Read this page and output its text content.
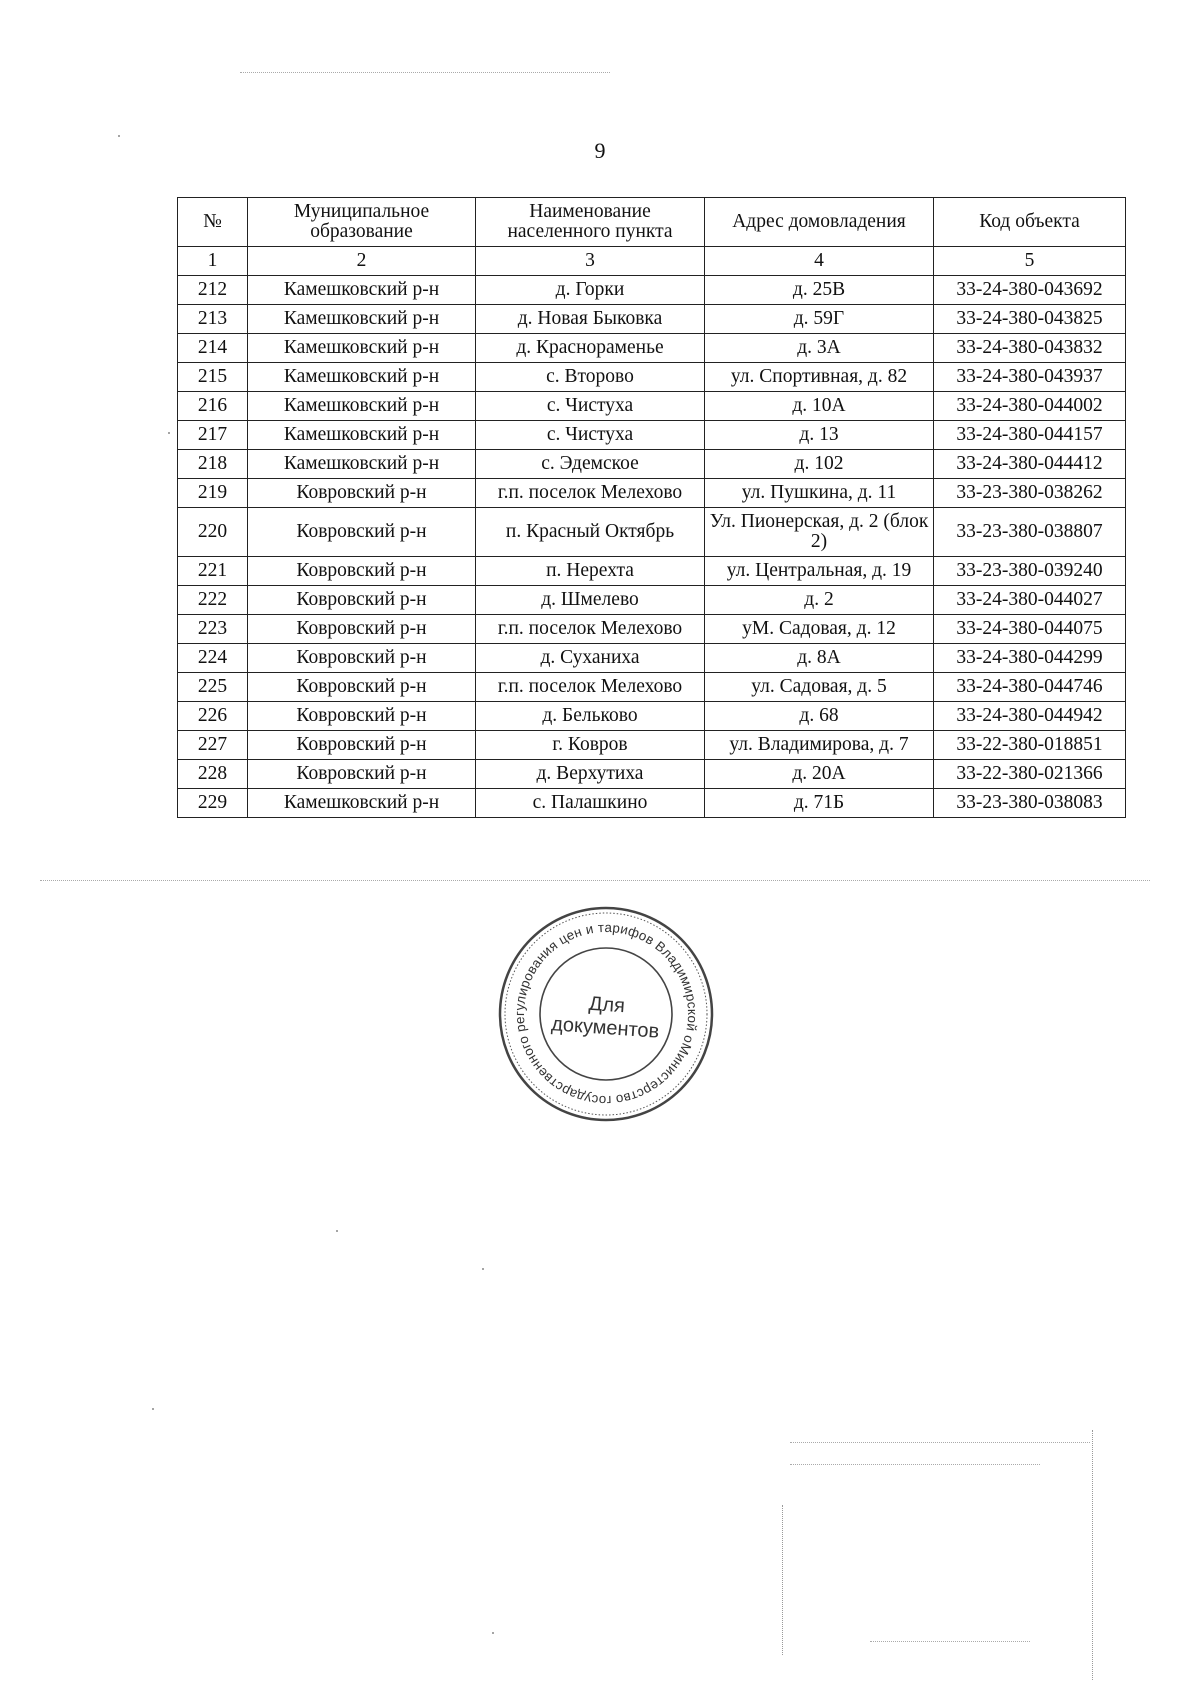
9
№	Муниципальное образование	Наименование населенного пункта	Адрес домовладения	Код объекта
1	2	3	4	5
212	Камешковский р-н	д. Горки	д. 25В	33-24-380-043692
213	Камешковский р-н	д. Новая Быковка	д. 59Г	33-24-380-043825
214	Камешковский р-н	д. Краснораменье	д. 3А	33-24-380-043832
215	Камешковский р-н	с. Второво	ул. Спортивная, д. 82	33-24-380-043937
216	Камешковский р-н	с. Чистуха	д. 10А	33-24-380-044002
217	Камешковский р-н	с. Чистуха	д. 13	33-24-380-044157
218	Камешковский р-н	с. Эдемское	д. 102	33-24-380-044412
219	Ковровский р-н	г.п. поселок Мелехово	ул. Пушкина, д. 11	33-23-380-038262
220	Ковровский р-н	п. Красный Октябрь	Ул. Пионерская, д. 2 (блок 2)	33-23-380-038807
221	Ковровский р-н	п. Нерехта	ул. Центральная, д. 19	33-23-380-039240
222	Ковровский р-н	д. Шмелево	д. 2	33-24-380-044027
223	Ковровский р-н	г.п. поселок Мелехово	уМ. Садовая, д. 12	33-24-380-044075
224	Ковровский р-н	д. Суханиха	д. 8А	33-24-380-044299
225	Ковровский р-н	г.п. поселок Мелехово	ул. Садовая, д. 5	33-24-380-044746
226	Ковровский р-н	д. Бельково	д. 68	33-24-380-044942
227	Ковровский р-н	г. Ковров	ул. Владимирова, д. 7	33-22-380-018851
228	Ковровский р-н	д. Верхутиха	д. 20А	33-22-380-021366
229	Камешковский р-н	с. Палашкино	д. 71Б	33-23-380-038083
Министерство государственного регулирования цен и тарифов Владимирской области
Для
документов
